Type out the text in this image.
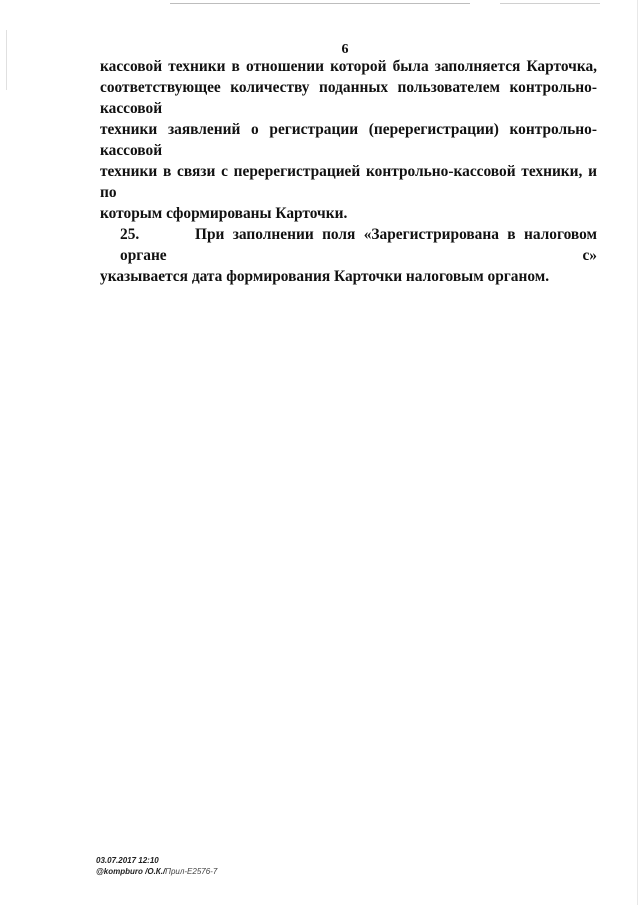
6

кассовой техники в отношении которой была заполняется Карточка,
соответствующее количеству поданных пользователем контрольно-кассовой
техники заявлений о регистрации (перерегистрации) контрольно-кассовой
техники в связи с перерегистрацией контрольно-кассовой техники, и по
которым сформированы Карточки.

25.	При заполнении поля «Зарегистрирована в налоговом органе с»
указывается дата формирования Карточки налоговым органом.

03.07.2017 12:10
@kompburo /О.К./Прил-Е2576-7
